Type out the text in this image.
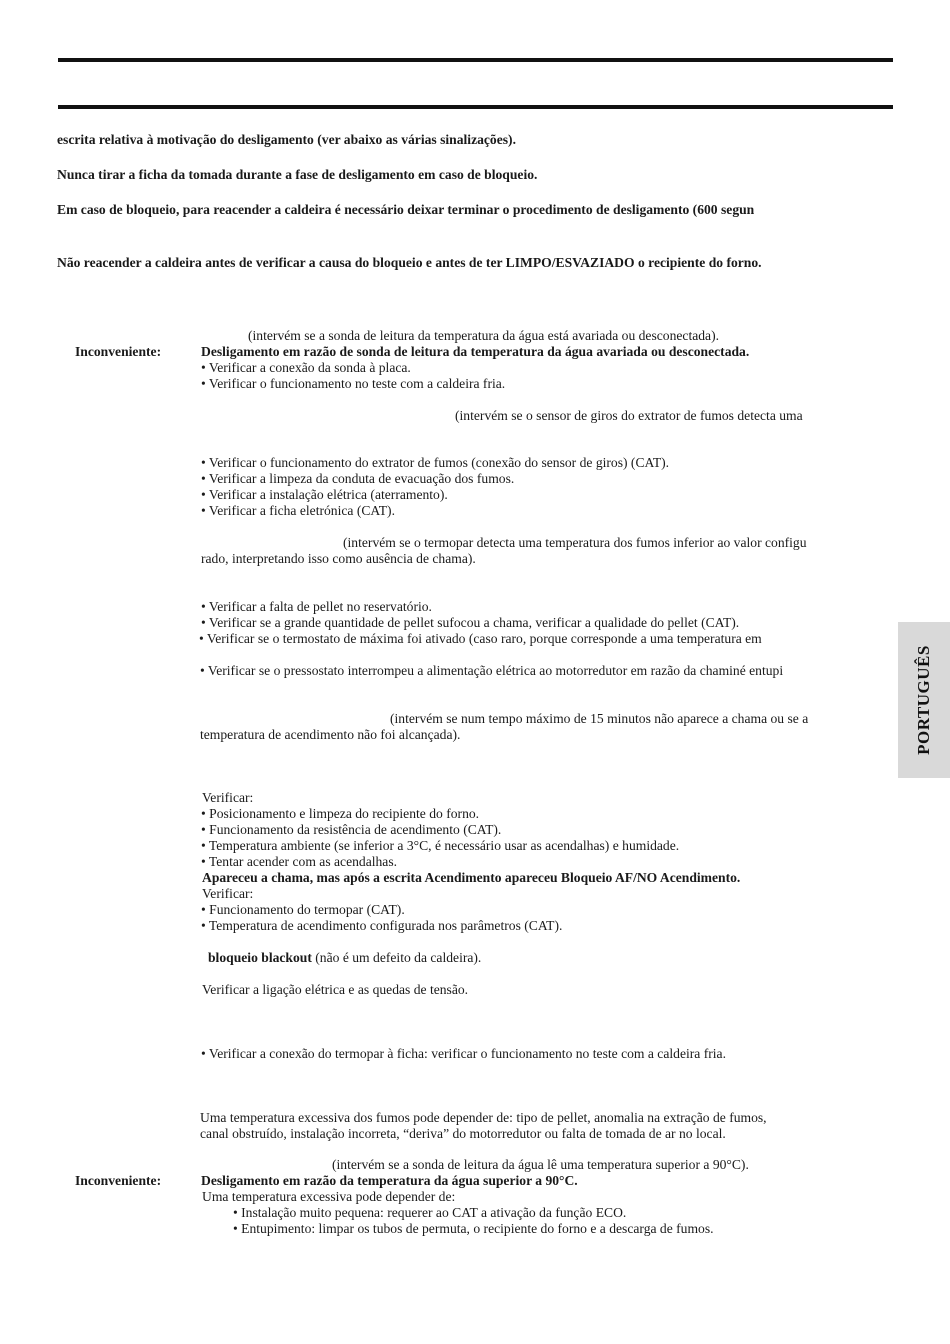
escrita relativa à motivação do desligamento (ver abaixo as várias sinalizações).
Nunca tirar a ficha da tomada durante a fase de desligamento em caso de bloqueio.
Em caso de bloqueio, para reacender a caldeira é necessário deixar terminar o procedimento de desligamento (600 segun
Não reacender a caldeira antes de verificar a causa do bloqueio e antes de ter LIMPO/ESVAZIADO o recipiente do forno.
(intervém se a sonda de leitura da temperatura da água está avariada ou desconectada).
Inconveniente:	Desligamento em razão de sonda de leitura da temperatura da água avariada ou desconectada.
• Verificar a conexão da sonda à placa.
• Verificar o funcionamento no teste com a caldeira fria.
(intervém se o sensor de giros do extrator de fumos detecta uma
• Verificar o funcionamento do extrator de fumos (conexão do sensor de giros) (CAT).
• Verificar a limpeza da conduta de evacuação dos fumos.
• Verificar a instalação elétrica (aterramento).
• Verificar a ficha eletrónica (CAT).
(intervém se o termopar detecta uma temperatura dos fumos inferior ao valor configu
rado, interpretando isso como ausência de chama).
• Verificar a falta de pellet no reservatório.
• Verificar se a grande quantidade de pellet sufocou a chama, verificar a qualidade do pellet (CAT).
• Verificar se o termostato de máxima foi ativado (caso raro, porque corresponde a uma temperatura em
• Verificar se o pressostato interrompeu a alimentação elétrica ao motorredutor em razão da chaminé entupi
(intervém se num tempo máximo de 15 minutos não aparece a chama ou se a
temperatura de acendimento não foi alcançada).
Verificar:
• Posicionamento e limpeza do recipiente do forno.
• Funcionamento da resistência de acendimento (CAT).
• Temperatura ambiente (se inferior a 3°C, é necessário usar as acendalhas) e humidade.
• Tentar acender com as acendalhas.
Apareceu a chama, mas após a escrita Acendimento apareceu Bloqueio AF/NO Acendimento.
Verificar:
• Funcionamento do termopar (CAT).
• Temperatura de acendimento configurada nos parâmetros (CAT).
bloqueio blackout (não é um defeito da caldeira).
Verificar a ligação elétrica e as quedas de tensão.
• Verificar a conexão do termopar à ficha: verificar o funcionamento no teste com a caldeira fria.
Uma temperatura excessiva dos fumos pode depender de: tipo de pellet, anomalia na extração de fumos,
canal obstruído, instalação incorreta, “deriva” do motorredutor ou falta de tomada de ar no local.
(intervém se a sonda de leitura da água lê uma temperatura superior a 90°C).
Inconveniente:	Desligamento em razão da temperatura da água superior a 90°C.
Uma temperatura excessiva pode depender de:
• Instalação muito pequena: requerer ao CAT a ativação da função ECO.
• Entupimento: limpar os tubos de permuta, o recipiente do forno e a descarga de fumos.
PORTUGUÊS
